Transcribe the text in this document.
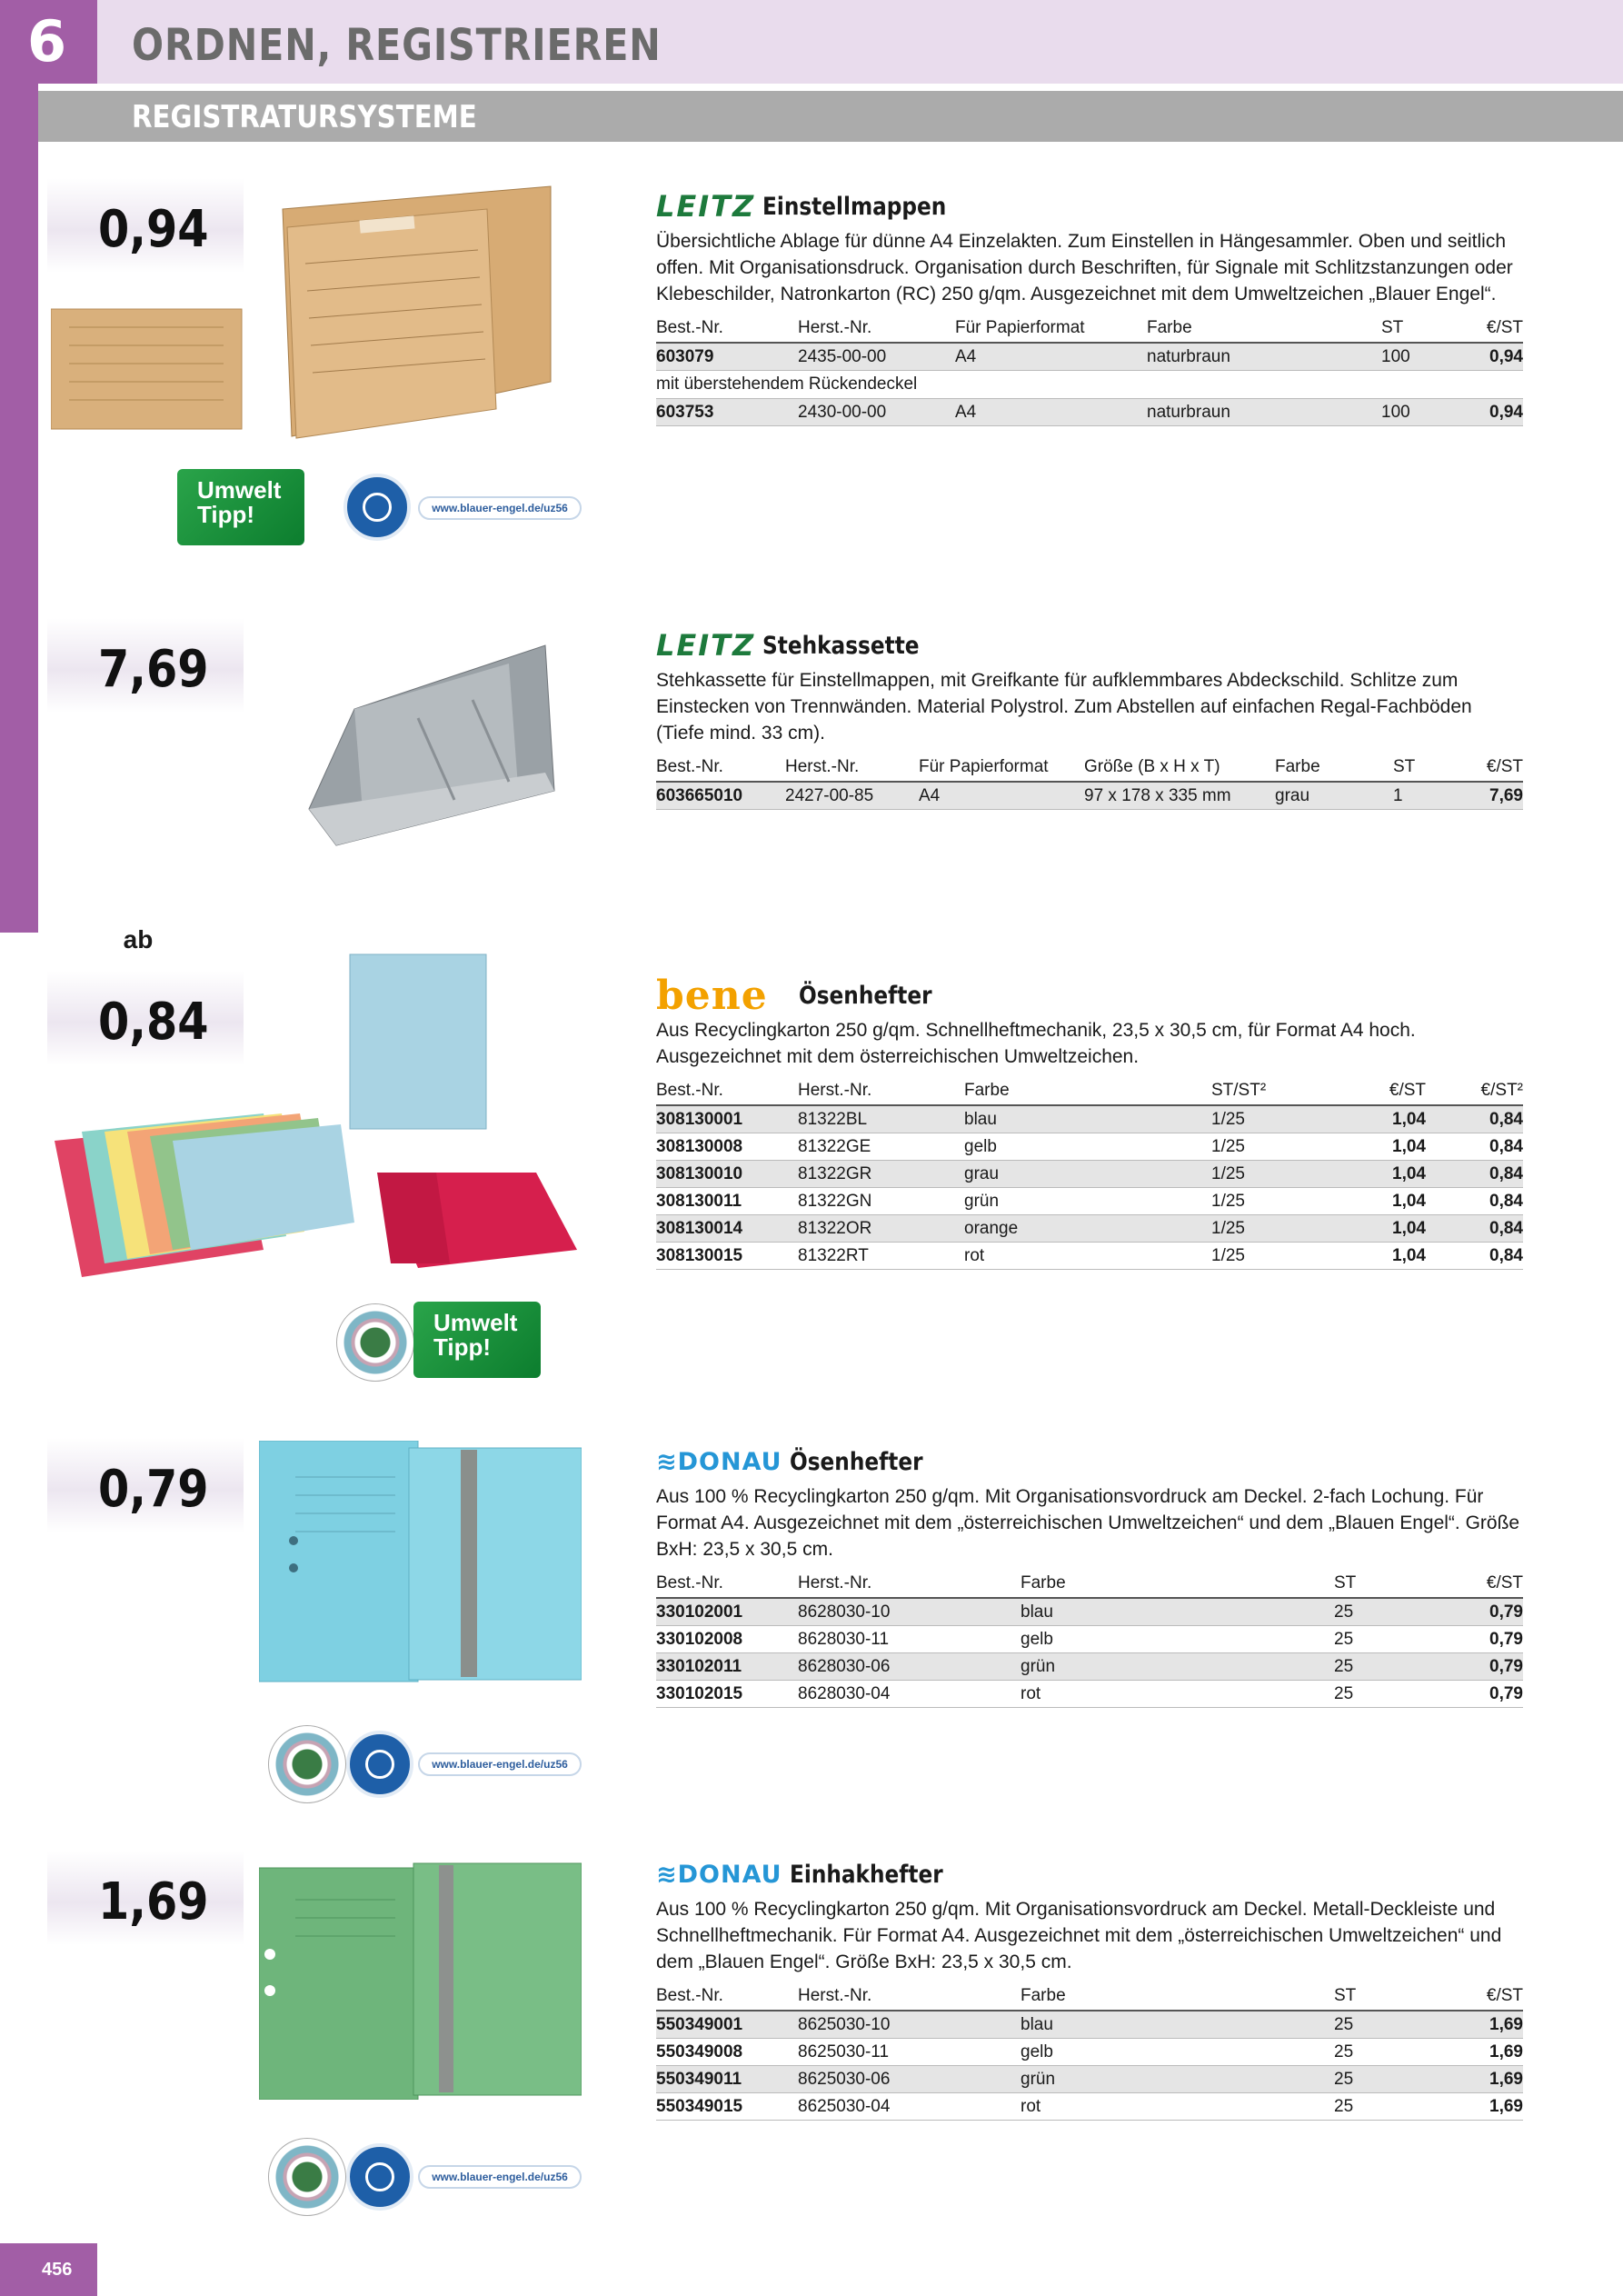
6	ORDNEN, REGISTRIEREN
REGISTRATURSYSTEME
0,94
Umwelt Tipp!	www.blauer-engel.de/uz56
LEITZ Einstellmappen
Übersichtliche Ablage für dünne A4 Einzelakten. Zum Einstellen in Hängesammler. Oben und seitlich offen. Mit Organisationsdruck. Organisation durch Beschriften, für Signale mit Schlitzstanzungen oder Klebeschilder, Natronkarton (RC) 250 g/qm. Ausgezeichnet mit dem Umweltzeichen „Blauer Engel“.
Best.-Nr.	Herst.-Nr.	Für Papierformat	Farbe	ST	€/ST
603079	2435-00-00	A4	naturbraun	100	0,94
mit überstehendem Rückendeckel
603753	2430-00-00	A4	naturbraun	100	0,94
7,69	LEITZ Stehkassette
Stehkassette für Einstellmappen, mit Greifkante für aufklemmbares Abdeckschild. Schlitze zum Einstecken von Trennwänden. Material Polystrol. Zum Abstellen auf einfachen Regal-Fachböden (Tiefe mind. 33 cm).
Best.-Nr.	Herst.-Nr.	Für Papierformat	Größe (B x H x T)	Farbe	ST	€/ST
603665010	2427-00-85	A4	97 x 178 x 335 mm	grau	1	7,69
ab
0,84
Umwelt Tipp!
bene Ösenhefter
Aus Recyclingkarton 250 g/qm. Schnellheftmechanik, 23,5 x 30,5 cm, für Format A4 hoch. Ausgezeichnet mit dem österreichischen Umweltzeichen.
Best.-Nr.	Herst.-Nr.	Farbe	ST/ST²	€/ST	€/ST²
308130001	81322BL	blau	1/25	1,04	0,84
308130008	81322GE	gelb	1/25	1,04	0,84
308130010	81322GR	grau	1/25	1,04	0,84
308130011	81322GN	grün	1/25	1,04	0,84
308130014	81322OR	orange	1/25	1,04	0,84
308130015	81322RT	rot	1/25	1,04	0,84
0,79
www.blauer-engel.de/uz56
≋DONAU Ösenhefter
Aus 100 % Recyclingkarton 250 g/qm. Mit Organisationsvordruck am Deckel. 2-fach Lochung. Für Format A4. Ausgezeichnet mit dem „österreichischen Umweltzeichen“ und dem „Blauen Engel“. Größe BxH: 23,5 x 30,5 cm.
Best.-Nr.	Herst.-Nr.	Farbe	ST	€/ST
330102001	8628030-10	blau	25	0,79
330102008	8628030-11	gelb	25	0,79
330102011	8628030-06	grün	25	0,79
330102015	8628030-04	rot	25	0,79
1,69
www.blauer-engel.de/uz56
≋DONAU Einhakhefter
Aus 100 % Recyclingkarton 250 g/qm. Mit Organisationsvordruck am Deckel. Metall-Deckleiste und Schnellheftmechanik. Für Format A4. Ausgezeichnet mit dem „österreichischen Umweltzeichen“ und dem „Blauen Engel“. Größe BxH: 23,5 x 30,5 cm.
Best.-Nr.	Herst.-Nr.	Farbe	ST	€/ST
550349001	8625030-10	blau	25	1,69
550349008	8625030-11	gelb	25	1,69
550349011	8625030-06	grün	25	1,69
550349015	8625030-04	rot	25	1,69
456
